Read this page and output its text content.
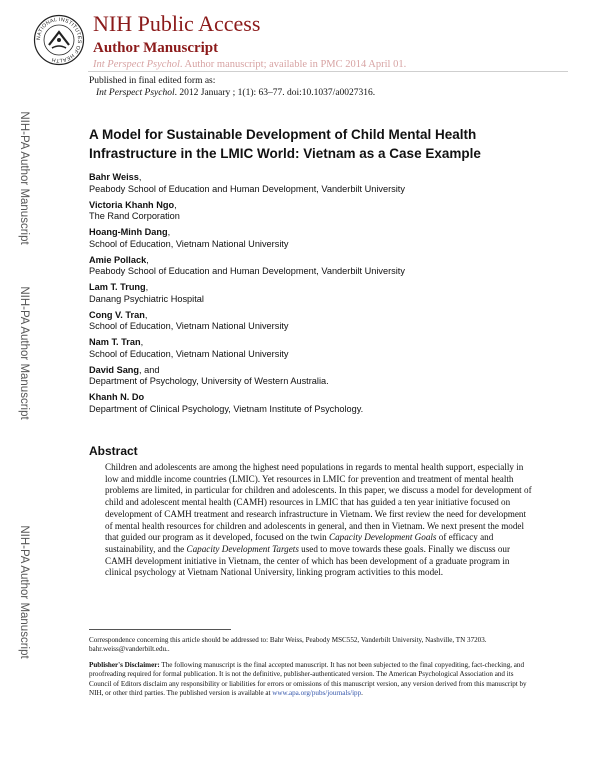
NATIONAL INSTITUTES OF HEALTH
NIH Public Access
Author Manuscript
Int Perspect Psychol. Author manuscript; available in PMC 2014 April 01.
Published in final edited form as:
Int Perspect Psychol. 2012 January ; 1(1): 63–77. doi:10.1037/a0027316.
NIH-PA Author Manuscript
NIH-PA Author Manuscript
NIH-PA Author Manuscript
A Model for Sustainable Development of Child Mental Health Infrastructure in the LMIC World: Vietnam as a Case Example
Bahr Weiss,
Peabody School of Education and Human Development, Vanderbilt University
Victoria Khanh Ngo,
The Rand Corporation
Hoang-Minh Dang,
School of Education, Vietnam National University
Amie Pollack,
Peabody School of Education and Human Development, Vanderbilt University
Lam T. Trung,
Danang Psychiatric Hospital
Cong V. Tran,
School of Education, Vietnam National University
Nam T. Tran,
School of Education, Vietnam National University
David Sang, and
Department of Psychology, University of Western Australia.
Khanh N. Do
Department of Clinical Psychology, Vietnam Institute of Psychology.
Abstract
Children and adolescents are among the highest need populations in regards to mental health support, especially in low and middle income countries (LMIC). Yet resources in LMIC for prevention and treatment of mental health problems are limited, in particular for children and adolescents. In this paper, we discuss a model for development of child and adolescent mental health (CAMH) resources in LMIC that has guided a ten year initiative focused on development of CAMH treatment and research infrastructure in Vietnam. We first review the need for development of mental health resources for children and adolescents in general, and then in Vietnam. We next present the model that guided our program as it developed, focused on the twin Capacity Development Goals of efficacy and sustainability, and the Capacity Development Targets used to move towards these goals. Finally we discuss our CAMH development initiative in Vietnam, the center of which has been development of a graduate program in clinical psychology at Vietnam National University, linking program activities to this model.
Correspondence concerning this article should be addressed to: Bahr Weiss, Peabody MSC552, Vanderbilt University, Nashville, TN 37203. bahr.weiss@vanderbilt.edu..
Publisher's Disclaimer: The following manuscript is the final accepted manuscript. It has not been subjected to the final copyediting, fact-checking, and proofreading required for formal publication. It is not the definitive, publisher-authenticated version. The American Psychological Association and its Council of Editors disclaim any responsibility or liabilities for errors or omissions of this manuscript version, any version derived from this manuscript by NIH, or other third parties. The published version is available at www.apa.org/pubs/journals/ipp.
